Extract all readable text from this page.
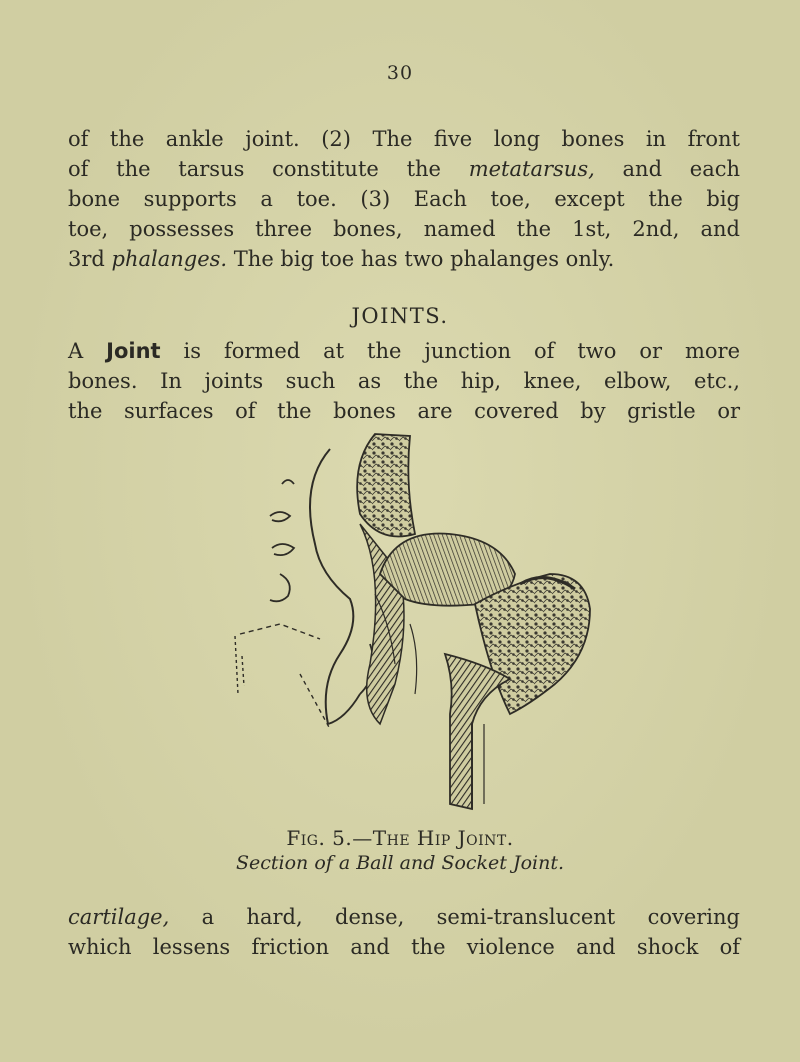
30
of the ankle joint. (2) The five long bones in front
of the tarsus constitute the metatarsus, and each
bone supports a toe. (3) Each toe, except the big
toe, possesses three bones, named the 1st, 2nd, and
3rd phalanges. The big toe has two phalanges only.
JOINTS.
A Joint is formed at the junction of two or more
bones. In joints such as the hip, knee, elbow, etc.,
the surfaces of the bones are covered by gristle or
Fig. 5.—The Hip Joint.
Section of a Ball and Socket Joint.
cartilage, a hard, dense, semi-translucent covering
which lessens friction and the violence and shock of
